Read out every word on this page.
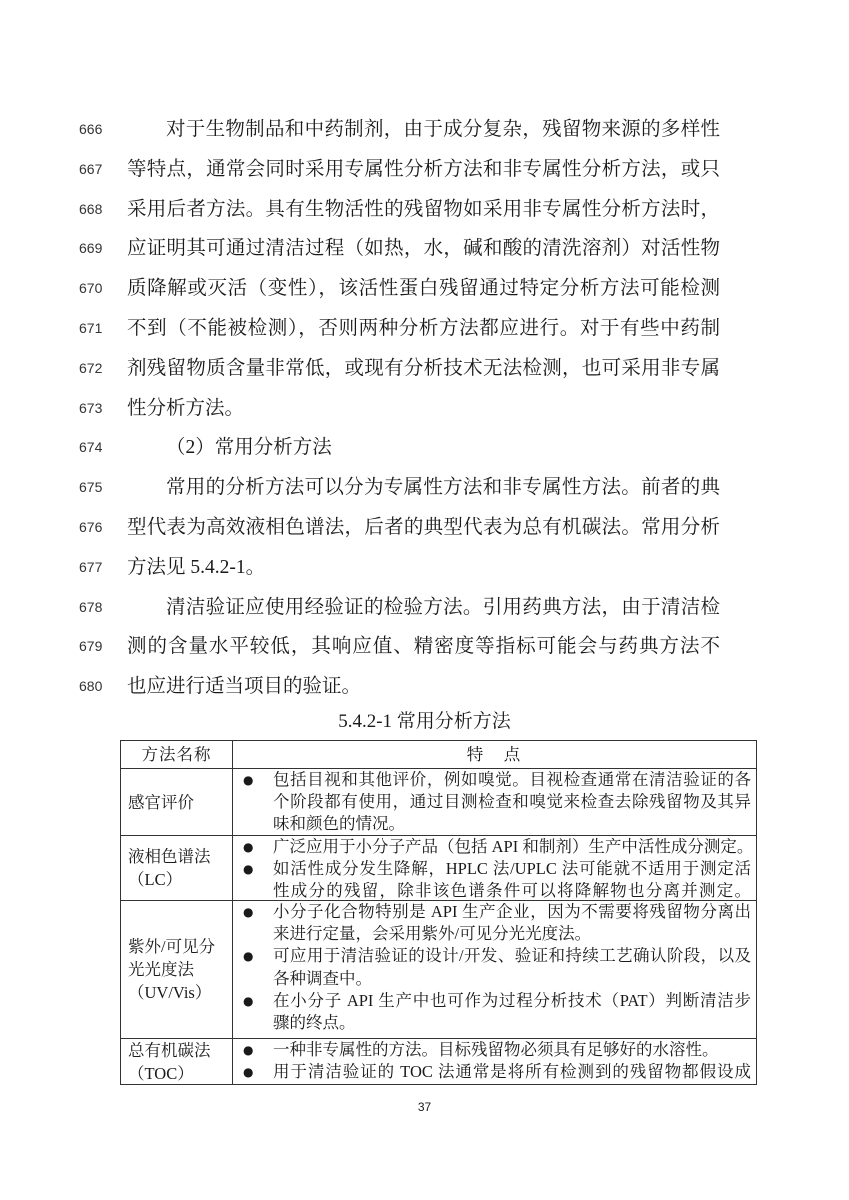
666	对于生物制品和中药制剂，由于成分复杂，残留物来源的多样性
667 等特点，通常会同时采用专属性分析方法和非专属性分析方法，或只
668 采用后者方法。具有生物活性的残留物如采用非专属性分析方法时，
669 应证明其可通过清洁过程（如热，水，碱和酸的清洗溶剂）对活性物
670 质降解或灭活（变性），该活性蛋白残留通过特定分析方法可能检测
671 不到（不能被检测），否则两种分析方法都应进行。对于有些中药制
672 剂残留物质含量非常低，或现有分析技术无法检测，也可采用非专属
673 性分析方法。
674	（2）常用分析方法
675	常用的分析方法可以分为专属性方法和非专属性方法。前者的典
676 型代表为高效液相色谱法，后者的典型代表为总有机碳法。常用分析
677 方法见 5.4.2-1。
678	清洁验证应使用经验证的检验方法。引用药典方法，由于清洁检
679 测的含量水平较低，其响应值、精密度等指标可能会与药典方法不
680 也应进行适当项目的验证。
5.4.2-1 常用分析方法
方法名称	特　点
感官评价
●	包括目视和其他评价，例如嗅觉。目视检查通常在清洁验证的各
个阶段都有使用，通过目测检查和嗅觉来检查去除残留物及其异
味和颜色的情况。
液相色谱法
（LC）
●	广泛应用于小分子产品（包括 API 和制剂）生产中活性成分测定。
●	如活性成分发生降解，HPLC 法/UPLC 法可能就不适用于测定活
性成分的残留，除非该色谱条件可以将降解物也分离并测定。
紫外/可见分
光光度法
（UV/Vis）
●	小分子化合物特别是 API 生产企业，因为不需要将残留物分离出
来进行定量，会采用紫外/可见分光光度法。
●	可应用于清洁验证的设计/开发、验证和持续工艺确认阶段，以及
各种调查中。
●	在小分子 API 生产中也可作为过程分析技术（PAT）判断清洁步
骤的终点。
总有机碳法
（TOC）
●	一种非专属性的方法。目标残留物必须具有足够好的水溶性。
●	用于清洁验证的 TOC 法通常是将所有检测到的残留物都假设成
37
